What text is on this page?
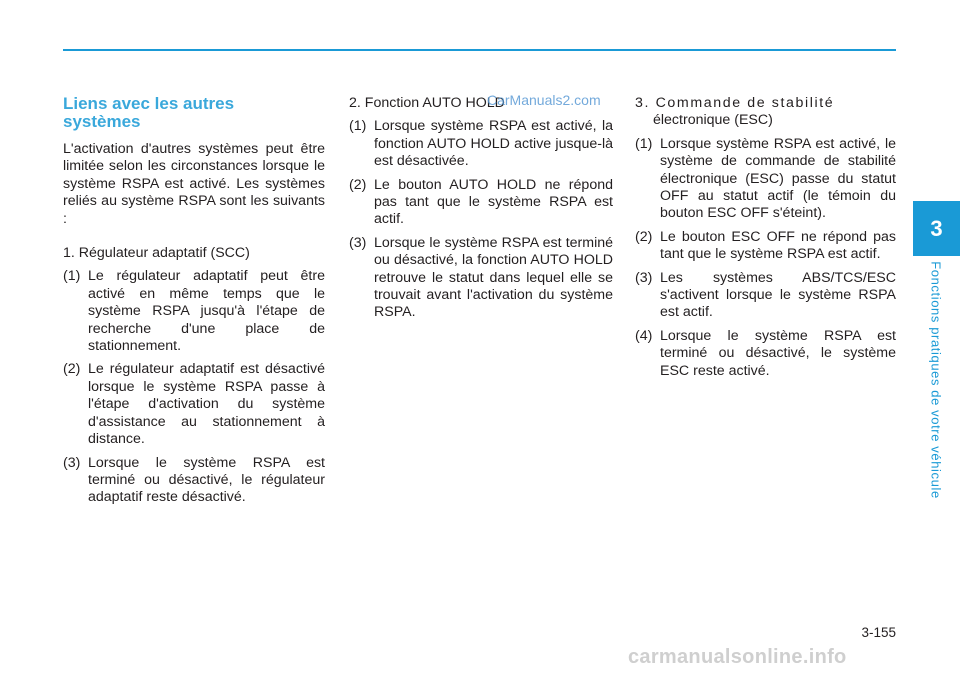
Liens avec les autres
systèmes
L'activation d'autres systèmes peut être limitée selon les circonstances lorsque le système RSPA est activé. Les systèmes reliés au système RSPA sont les suivants :
1. Régulateur adaptatif (SCC)
(1) Le régulateur adaptatif peut être activé en même temps que le système RSPA jusqu'à l'étape de recherche d'une place de stationnement.
(2) Le régulateur adaptatif est désactivé lorsque le système RSPA passe à l'étape d'activation du système d'assistance au stationnement à distance.
(3) Lorsque le système RSPA est terminé ou désactivé, le régulateur adaptatif reste désactivé.
2. Fonction AUTO HOLD
(1) Lorsque système RSPA est activé, la fonction AUTO HOLD active jusque-là est désactivée.
(2) Le bouton AUTO HOLD ne répond pas tant que le système RSPA est actif.
(3) Lorsque le système RSPA est terminé ou désactivé, la fonction AUTO HOLD retrouve le statut dans lequel elle se trouvait avant l'activation du système RSPA.
3. Commande de stabilité
électronique (ESC)
(1) Lorsque système RSPA est activé, le système de commande de stabilité électronique (ESC) passe du statut OFF au statut actif (le témoin du bouton ESC OFF s'éteint).
(2) Le bouton ESC OFF ne répond pas tant que le système RSPA est actif.
(3) Les systèmes ABS/TCS/ESC s'activent lorsque le système RSPA est actif.
(4) Lorsque le système RSPA est terminé ou désactivé, le système ESC reste activé.
CarManuals2.com
3
Fonctions pratiques de votre véhicule
3-155
carmanualsonline.info
